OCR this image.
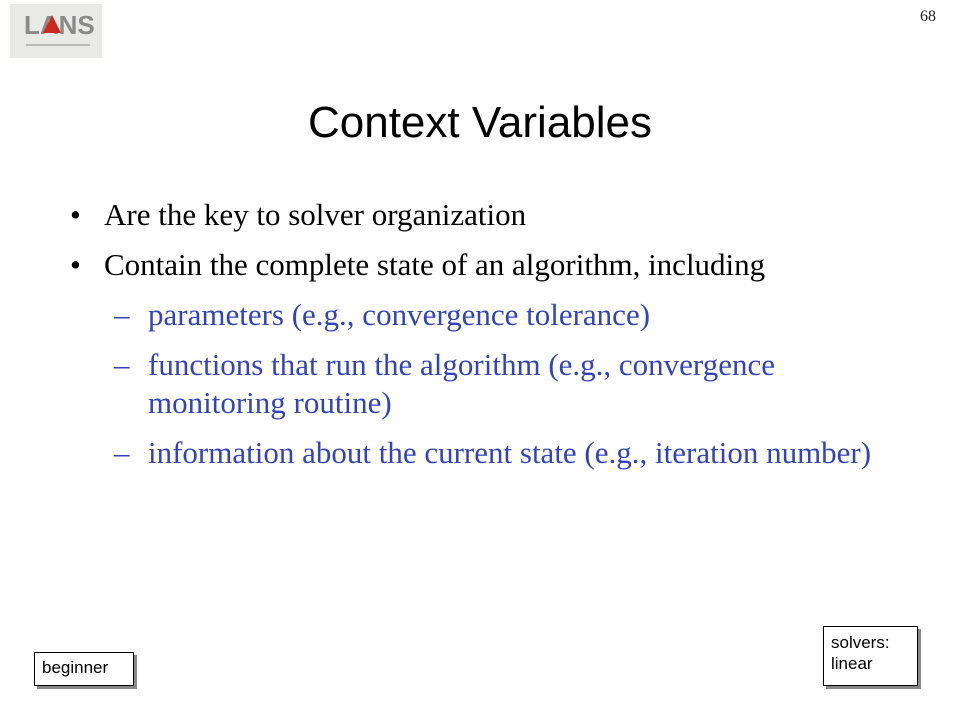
LANS	68
Context Variables
• Are the key to solver organization
• Contain the complete state of an algorithm, including
– parameters (e.g., convergence tolerance)
– functions that run the algorithm (e.g., convergence monitoring routine)
– information about the current state (e.g., iteration number)
beginner
solvers:
linear
